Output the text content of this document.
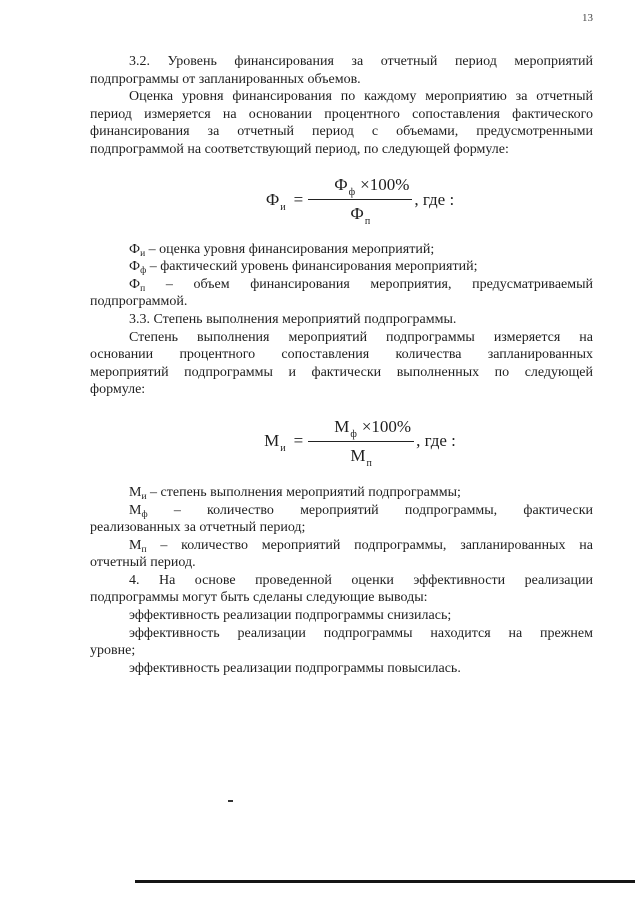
13
3.2. Уровень финансирования за отчетный период мероприятий
подпрограммы от запланированных объемов.
Оценка уровня финансирования по каждому мероприятию за отчетный
период измеряется на основании процентного сопоставления фактического
финансирования за отчетный период с объемами, предусмотренными
подпрограммой на соответствующий период, по следующей формуле:
$Ф_и = \frac{Ф_ф \times 100\%}{Ф_п}$ , где :
$Ф_и$ – оценка уровня финансирования мероприятий;
$Ф_ф$ – фактический уровень финансирования мероприятий;
$Ф_п$ – объем финансирования мероприятия, предусматриваемый
подпрограммой.
3.3. Степень выполнения мероприятий подпрограммы.
Степень выполнения мероприятий подпрограммы измеряется на
основании процентного сопоставления количества запланированных
мероприятий подпрограммы и фактически выполненных по следующей
формуле:
$М_и = \frac{М_ф \times 100\%}{М_п}$ , где :
$М_и$ – степень выполнения мероприятий подпрограммы;
$М_ф$ – количество мероприятий подпрограммы, фактически
реализованных за отчетный период;
$М_п$ – количество мероприятий подпрограммы, запланированных на
отчетный период.
4. На основе проведенной оценки эффективности реализации
подпрограммы могут быть сделаны следующие выводы:
эффективность реализации подпрограммы снизилась;
эффективность реализации подпрограммы находится на прежнем
уровне;
эффективность реализации подпрограммы повысилась.
